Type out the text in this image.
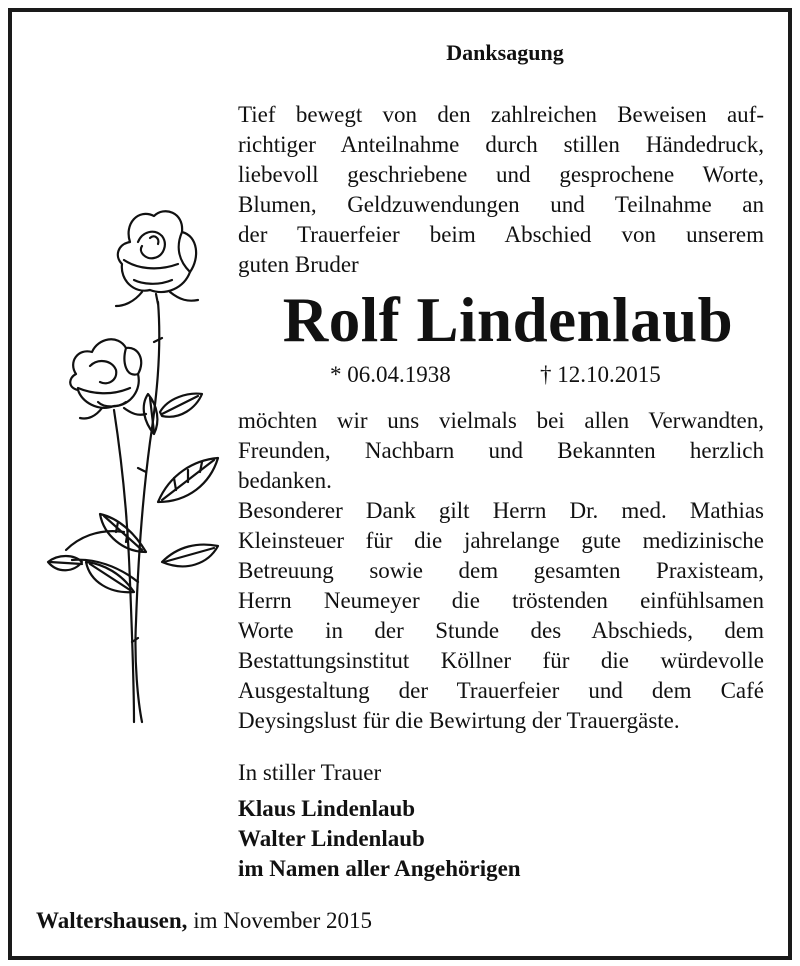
Danksagung
Tief bewegt von den zahlreichen Beweisen auf-
richtiger Anteilnahme durch stillen Händedruck,
liebevoll geschriebene und gesprochene Worte,
Blumen, Geldzuwendungen und Teilnahme an
der Trauerfeier beim Abschied von unserem
guten Bruder
Rolf Lindenlaub
* 06.04.1938	† 12.10.2015
möchten wir uns vielmals bei allen Verwandten,
Freunden, Nachbarn und Bekannten herzlich
bedanken.
Besonderer Dank gilt Herrn Dr. med. Mathias
Kleinsteuer für die jahrelange gute medizinische
Betreuung sowie dem gesamten Praxisteam,
Herrn Neumeyer die tröstenden einfühlsamen
Worte in der Stunde des Abschieds, dem
Bestattungsinstitut Köllner für die würdevolle
Ausgestaltung der Trauerfeier und dem Café
Deysingslust für die Bewirtung der Trauergäste.
In stiller Trauer
Klaus Lindenlaub
Walter Lindenlaub
im Namen aller Angehörigen
Waltershausen, im November 2015
